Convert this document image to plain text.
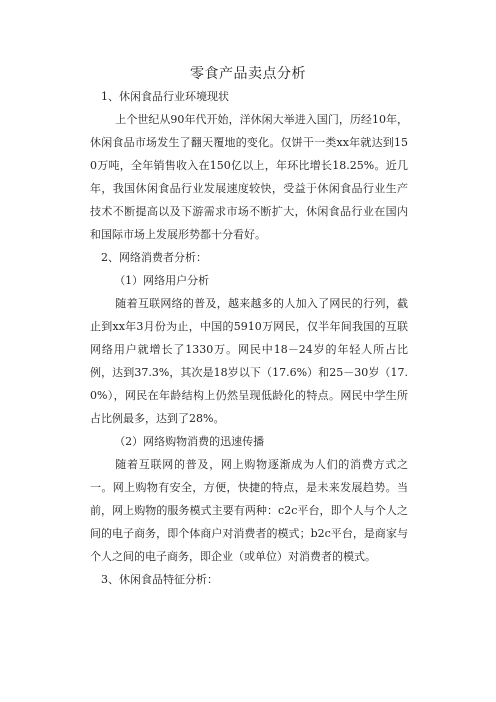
零食产品卖点分析

1、休闲食品行业环境现状

上个世纪从90年代开始，洋休闲大举进入国门，历经10年，休闲食品市场发生了翻天覆地的变化。仅饼干一类xx年就达到150万吨，全年销售收入在150亿以上，年环比增长18.25%。近几年，我国休闲食品行业发展速度较快，受益于休闲食品行业生产技术不断提高以及下游需求市场不断扩大，休闲食品行业在国内和国际市场上发展形势都十分看好。

2、网络消费者分析：

（1）网络用户分析

随着互联网络的普及，越来越多的人加入了网民的行列，截止到xx年3月份为止，中国的5910万网民，仅半年间我国的互联网络用户就增长了1330万。网民中18－24岁的年轻人所占比例，达到37.3%，其次是18岁以下（17.6%）和25－30岁（17.0%），网民在年龄结构上仍然呈现低龄化的特点。网民中学生所占比例最多，达到了28%。

（2）网络购物消费的迅速传播

随着互联网的普及，网上购物逐渐成为人们的消费方式之一。网上购物有安全，方便，快捷的特点，是未来发展趋势。当前，网上购物的服务模式主要有两种：c2c平台，即个人与个人之间的电子商务，即个体商户对消费者的模式；b2c平台，是商家与个人之间的电子商务，即企业（或单位）对消费者的模式。

3、休闲食品特征分析：
